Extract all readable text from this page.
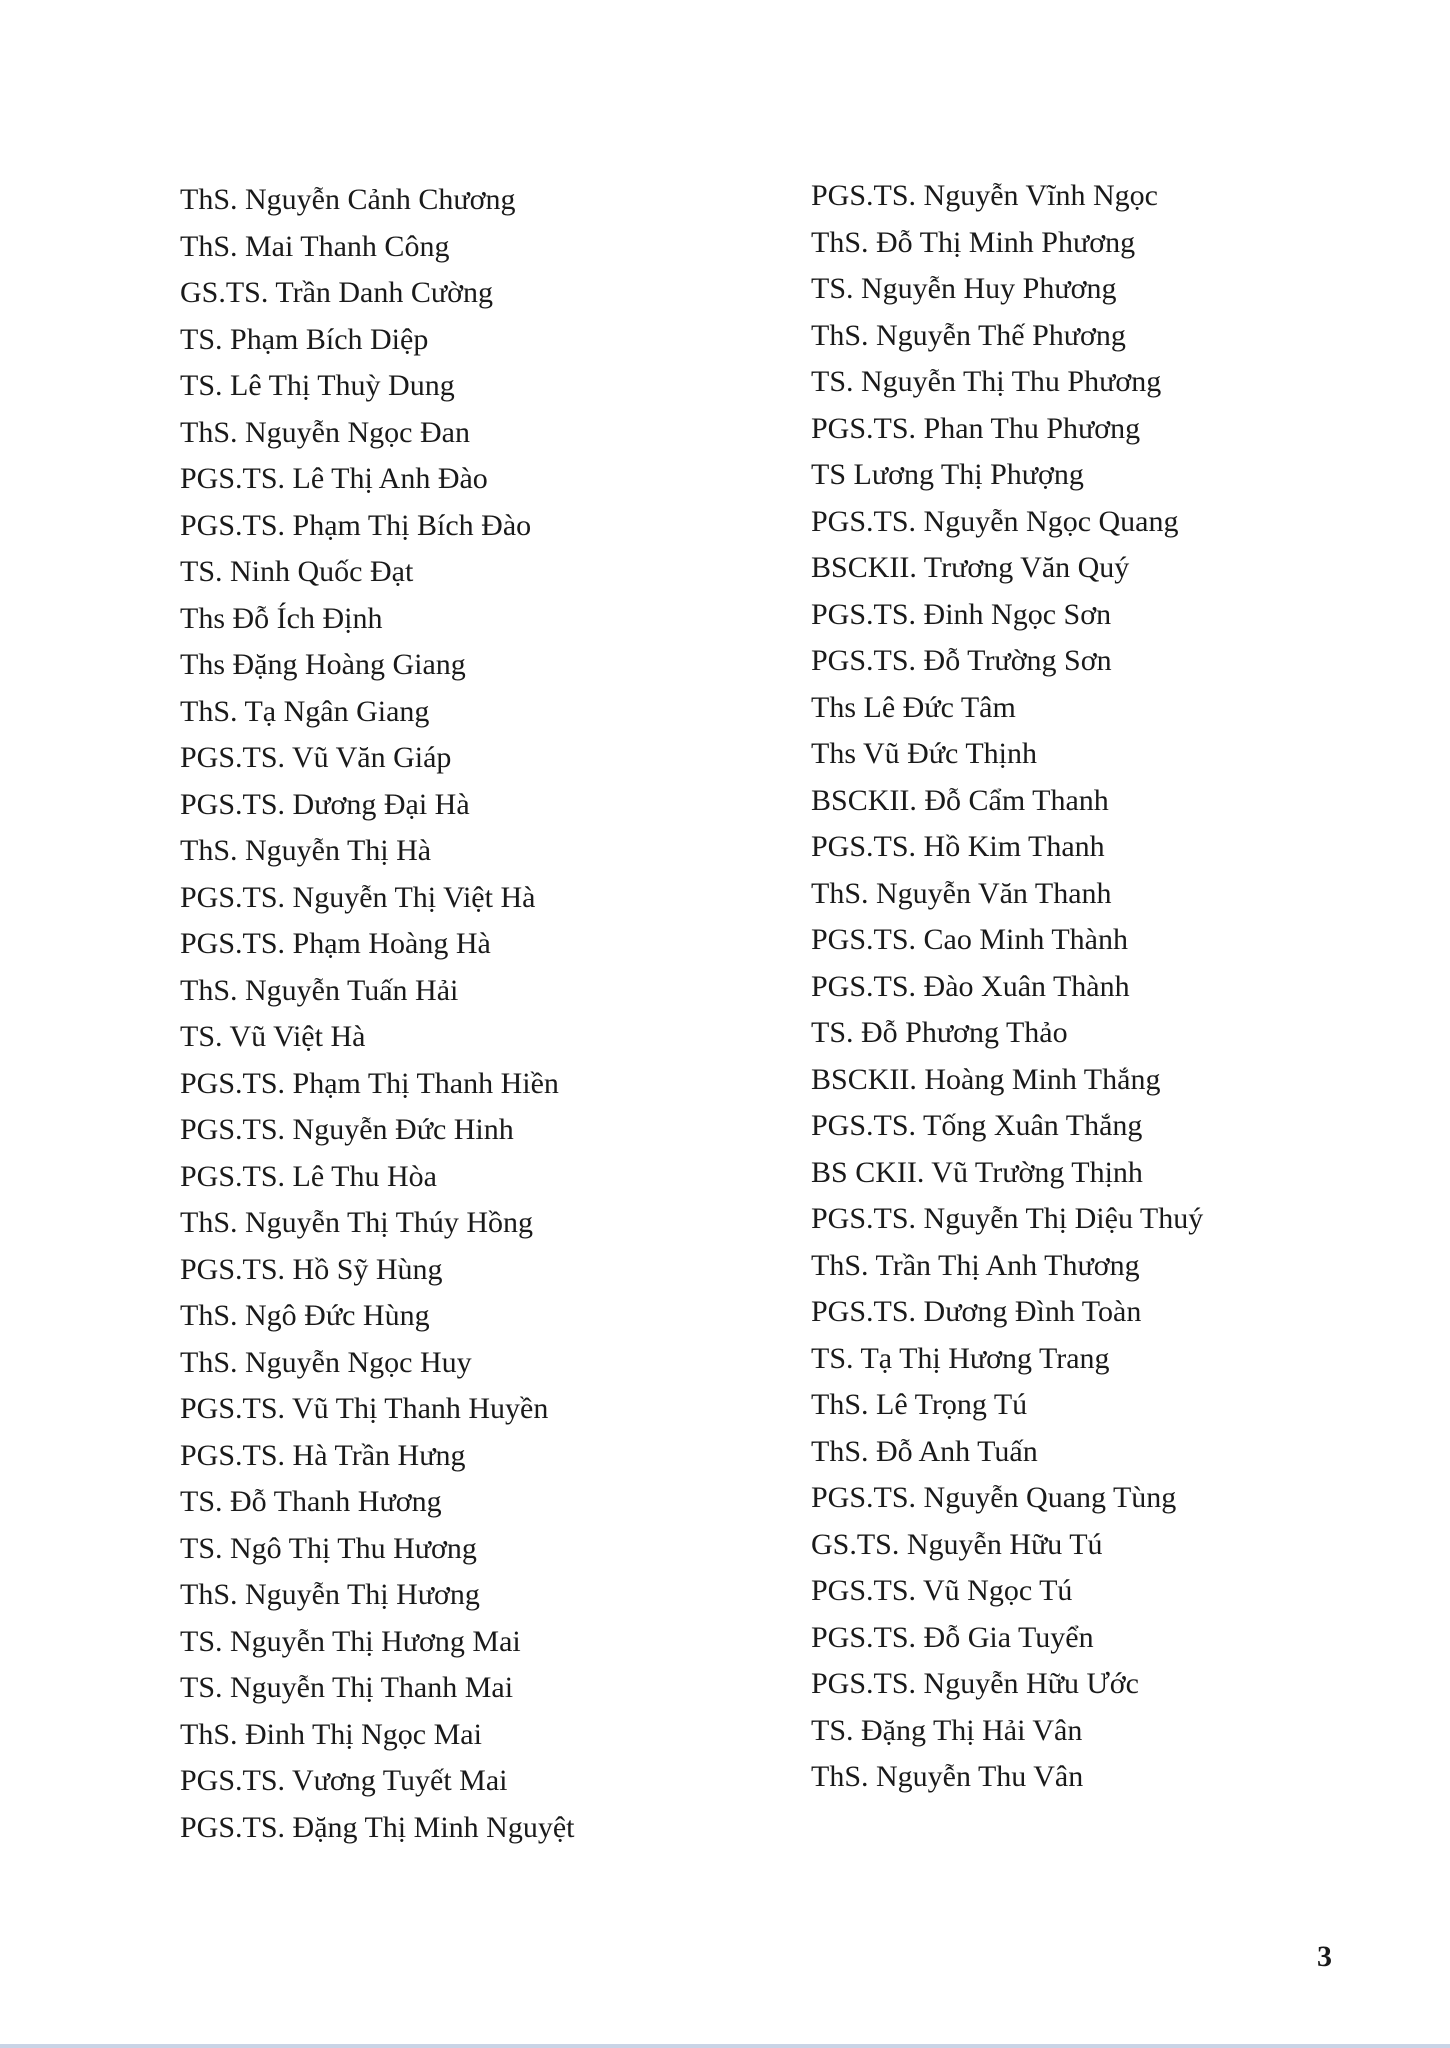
ThS. Nguyễn Cảnh Chương
ThS. Mai Thanh Công
GS.TS. Trần Danh Cường
TS. Phạm Bích Diệp
TS. Lê Thị Thuỳ Dung
ThS. Nguyễn Ngọc Đan
PGS.TS. Lê Thị Anh Đào
PGS.TS. Phạm Thị Bích Đào
TS. Ninh Quốc Đạt
Ths Đỗ Ích Định
Ths Đặng Hoàng Giang
ThS. Tạ Ngân Giang
PGS.TS. Vũ Văn Giáp
PGS.TS. Dương Đại Hà
ThS. Nguyễn Thị Hà
PGS.TS. Nguyễn Thị Việt Hà
PGS.TS. Phạm Hoàng Hà
ThS. Nguyễn Tuấn Hải
TS. Vũ Việt Hà
PGS.TS. Phạm Thị Thanh Hiền
PGS.TS. Nguyễn Đức Hinh
PGS.TS. Lê Thu Hòa
ThS. Nguyễn Thị Thúy Hồng
PGS.TS. Hồ Sỹ Hùng
ThS. Ngô Đức Hùng
ThS. Nguyễn Ngọc Huy
PGS.TS. Vũ Thị Thanh Huyền
PGS.TS. Hà Trần Hưng
TS. Đỗ Thanh Hương
TS. Ngô Thị Thu Hương
ThS. Nguyễn Thị Hương
TS. Nguyễn Thị Hương Mai
TS. Nguyễn Thị Thanh Mai
ThS. Đinh Thị Ngọc Mai
PGS.TS. Vương Tuyết Mai
PGS.TS. Đặng Thị Minh Nguyệt
PGS.TS. Nguyễn Vĩnh Ngọc
ThS. Đỗ Thị Minh Phương
TS. Nguyễn Huy Phương
ThS. Nguyễn Thế Phương
TS. Nguyễn Thị Thu Phương
PGS.TS. Phan Thu Phương
TS Lương Thị Phượng
PGS.TS. Nguyễn Ngọc Quang
BSCKII. Trương Văn Quý
PGS.TS. Đinh Ngọc Sơn
PGS.TS. Đỗ Trường Sơn
Ths Lê Đức Tâm
Ths Vũ Đức Thịnh
BSCKII. Đỗ Cẩm Thanh
PGS.TS. Hồ Kim Thanh
ThS. Nguyễn Văn Thanh
PGS.TS. Cao Minh Thành
PGS.TS. Đào Xuân Thành
TS. Đỗ Phương Thảo
BSCKII. Hoàng Minh Thắng
PGS.TS. Tống Xuân Thắng
BS CKII. Vũ Trường Thịnh
PGS.TS. Nguyễn Thị Diệu Thuý
ThS. Trần Thị Anh Thương
PGS.TS. Dương Đình Toàn
TS. Tạ Thị Hương Trang
ThS. Lê Trọng Tú
ThS. Đỗ Anh Tuấn
PGS.TS. Nguyễn Quang Tùng
GS.TS. Nguyễn Hữu Tú
PGS.TS. Vũ Ngọc Tú
PGS.TS. Đỗ Gia Tuyển
PGS.TS. Nguyễn Hữu Ước
TS. Đặng Thị Hải Vân
ThS. Nguyễn Thu Vân
3
